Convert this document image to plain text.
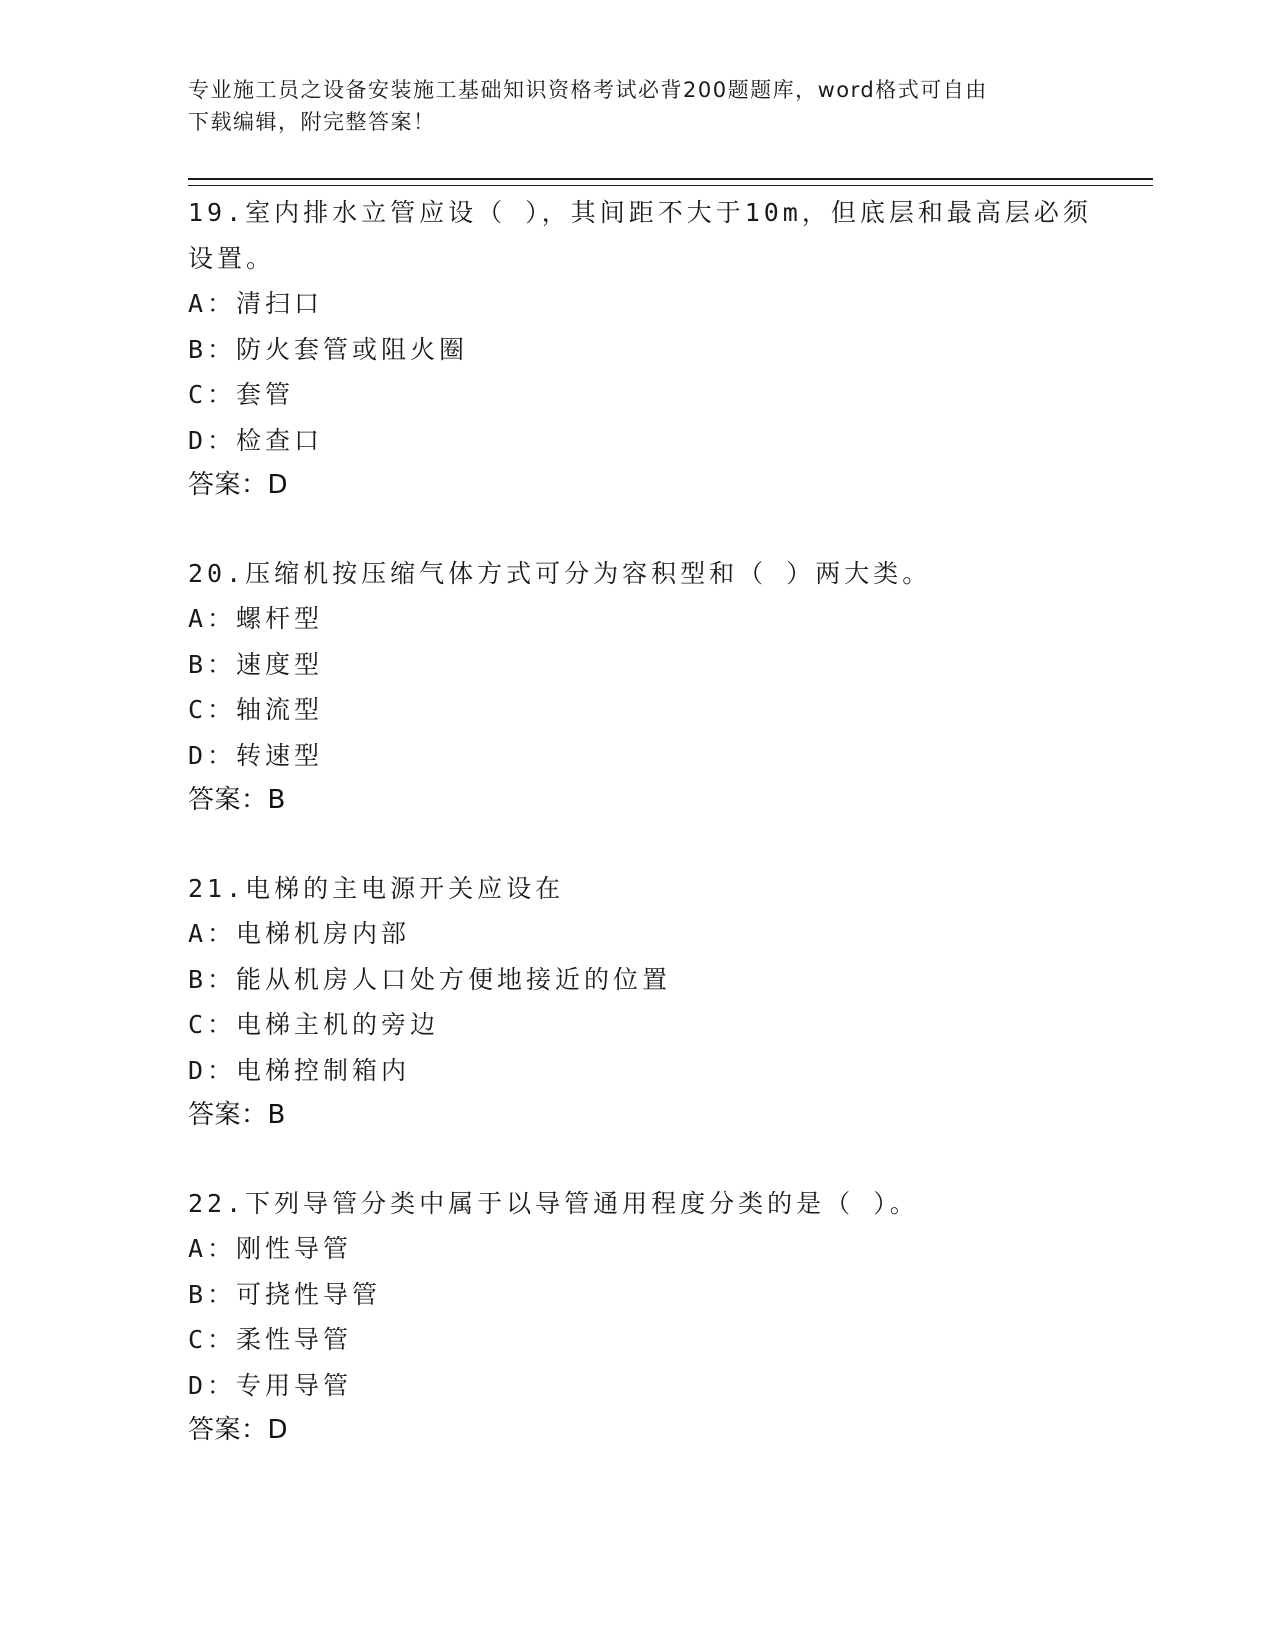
专业施工员之设备安装施工基础知识资格考试必背200题题库，word格式可自由
下载编辑，附完整答案！
19.室内排水立管应设（ ），其间距不大于10m，但底层和最高层必须
设置。
A：清扫口
B：防火套管或阻火圈
C：套管
D：检查口
答案：D
20.压缩机按压缩气体方式可分为容积型和（ ）两大类。
A：螺杆型
B：速度型
C：轴流型
D：转速型
答案：B
21.电梯的主电源开关应设在
A：电梯机房内部
B：能从机房人口处方便地接近的位置
C：电梯主机的旁边
D：电梯控制箱内
答案：B
22.下列导管分类中属于以导管通用程度分类的是（ ）。
A：刚性导管
B：可挠性导管
C：柔性导管
D：专用导管
答案：D
